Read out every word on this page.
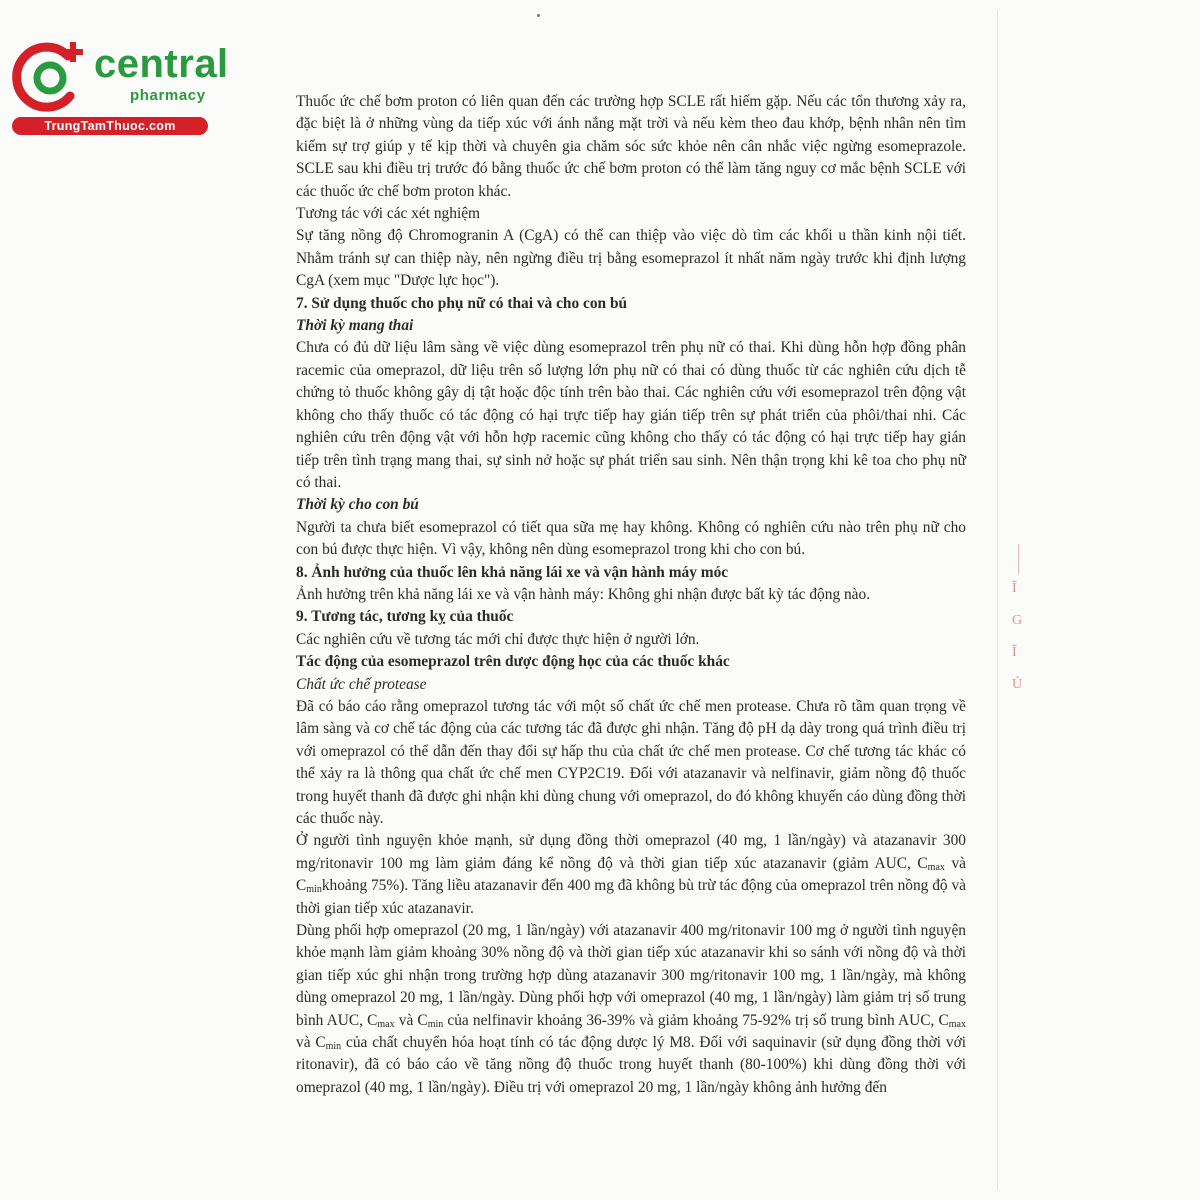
central
pharmacy
TrungTamThuoc.com
Ĩ
G
Ĩ
Ủ

Thuốc ức chế bơm proton có liên quan đến các trường hợp SCLE rất hiếm gặp. Nếu các tổn thương xảy ra, đặc biệt là ở những vùng da tiếp xúc với ánh nắng mặt trời và nếu kèm theo đau khớp, bệnh nhân nên tìm kiếm sự trợ giúp y tế kịp thời và chuyên gia chăm sóc sức khỏe nên cân nhắc việc ngừng esomeprazole. SCLE sau khi điều trị trước đó bằng thuốc ức chế bơm proton có thể làm tăng nguy cơ mắc bệnh SCLE với các thuốc ức chế bơm proton khác.

Tương tác với các xét nghiệm

Sự tăng nồng độ Chromogranin A (CgA) có thể can thiệp vào việc dò tìm các khối u thần kinh nội tiết. Nhằm tránh sự can thiệp này, nên ngừng điều trị bằng esomeprazol ít nhất năm ngày trước khi định lượng CgA (xem mục "Dược lực học").

7. Sử dụng thuốc cho phụ nữ có thai và cho con bú

Thời kỳ mang thai

Chưa có đủ dữ liệu lâm sàng về việc dùng esomeprazol trên phụ nữ có thai. Khi dùng hỗn hợp đồng phân racemic của omeprazol, dữ liệu trên số lượng lớn phụ nữ có thai có dùng thuốc từ các nghiên cứu dịch tễ chứng tỏ thuốc không gây dị tật hoặc độc tính trên bào thai. Các nghiên cứu với esomeprazol trên động vật không cho thấy thuốc có tác động có hại trực tiếp hay gián tiếp trên sự phát triển của phôi/thai nhi. Các nghiên cứu trên động vật với hỗn hợp racemic cũng không cho thấy có tác động có hại trực tiếp hay gián tiếp trên tình trạng mang thai, sự sinh nở hoặc sự phát triển sau sinh. Nên thận trọng khi kê toa cho phụ nữ có thai.

Thời kỳ cho con bú

Người ta chưa biết esomeprazol có tiết qua sữa mẹ hay không. Không có nghiên cứu nào trên phụ nữ cho con bú được thực hiện. Vì vậy, không nên dùng esomeprazol trong khi cho con bú.

8. Ảnh hưởng của thuốc lên khả năng lái xe và vận hành máy móc

Ảnh hưởng trên khả năng lái xe và vận hành máy: Không ghi nhận được bất kỳ tác động nào.

9. Tương tác, tương kỵ của thuốc

Các nghiên cứu về tương tác mới chỉ được thực hiện ở người lớn.

Tác động của esomeprazol trên dược động học của các thuốc khác

Chất ức chế protease

Đã có báo cáo rằng omeprazol tương tác với một số chất ức chế men protease. Chưa rõ tầm quan trọng về lâm sàng và cơ chế tác động của các tương tác đã được ghi nhận. Tăng độ pH dạ dày trong quá trình điều trị với omeprazol có thể dẫn đến thay đổi sự hấp thu của chất ức chế men protease. Cơ chế tương tác khác có thể xảy ra là thông qua chất ức chế men CYP2C19. Đối với atazanavir và nelfinavir, giảm nồng độ thuốc trong huyết thanh đã được ghi nhận khi dùng chung với omeprazol, do đó không khuyến cáo dùng đồng thời các thuốc này.

Ở người tình nguyện khỏe mạnh, sử dụng đồng thời omeprazol (40 mg, 1 lần/ngày) và atazanavir 300 mg/ritonavir 100 mg làm giảm đáng kể nồng độ và thời gian tiếp xúc atazanavir (giảm AUC, $C_{max}$ và $C_{min}khoảng$ 75%). Tăng liều atazanavir đến 400 mg đã không bù trừ tác động của omeprazol trên nồng độ và thời gian tiếp xúc atazanavir.

Dùng phối hợp omeprazol (20 mg, 1 lần/ngày) với atazanavir 400 mg/ritonavir 100 mg ở người tình nguyện khỏe mạnh làm giảm khoảng 30% nồng độ và thời gian tiếp xúc atazanavir khi so sánh với nồng độ và thời gian tiếp xúc ghi nhận trong trường hợp dùng atazanavir 300 mg/ritonavir 100 mg, 1 lần/ngày, mà không dùng omeprazol 20 mg, 1 lần/ngày. Dùng phối hợp với omeprazol (40 mg, 1 lần/ngày) làm giảm trị số trung bình AUC, $C_{max}$ và $C_{min}$ của nelfinavir khoảng 36-39% và giảm khoảng 75-92% trị số trung bình AUC, $C_{max}$ và $C_{min}$ của chất chuyển hóa hoạt tính có tác động dược lý M8. Đối với saquinavir (sử dụng đồng thời với ritonavir), đã có báo cáo về tăng nồng độ thuốc trong huyết thanh (80-100%) khi dùng đồng thời với omeprazol (40 mg, 1 lần/ngày). Điều trị với omeprazol 20 mg, 1 lần/ngày không ảnh hưởng đến
